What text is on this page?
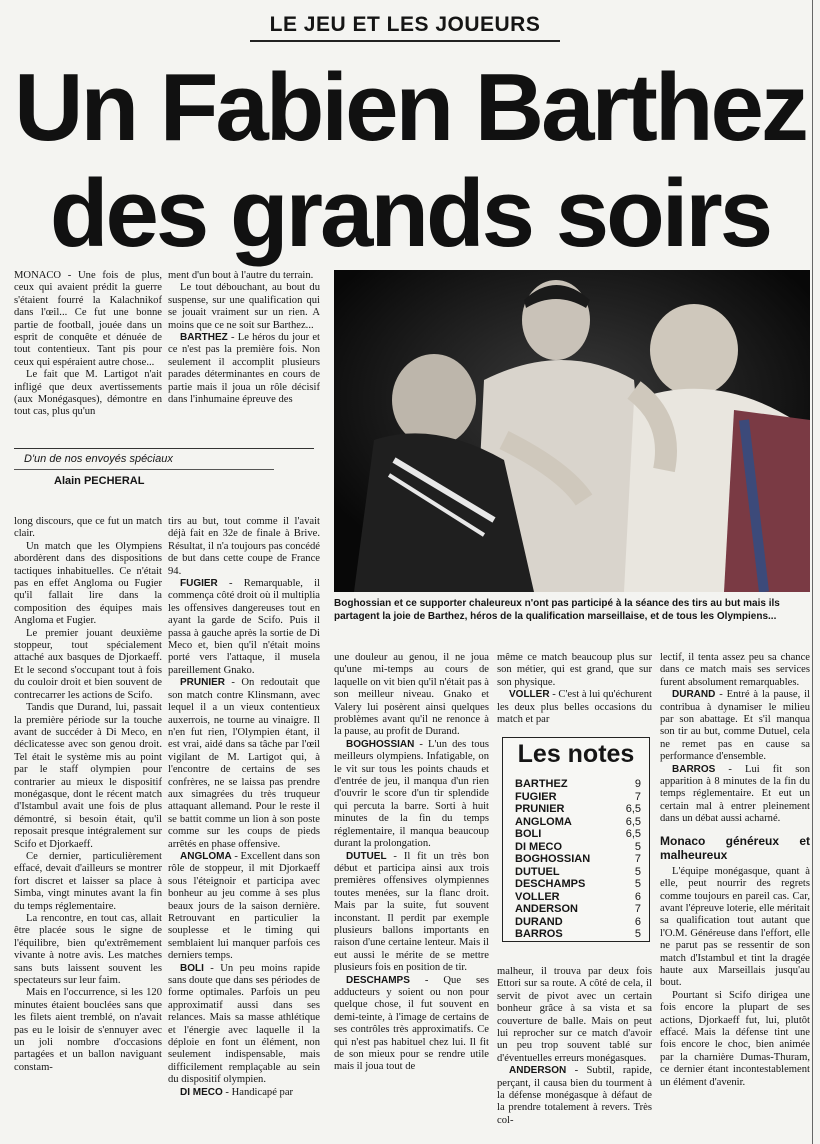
LE JEU ET LES JOUEURS
Un Fabien Barthez
des grands soirs

MONACO - Une fois de plus, ceux qui avaient prédit la guerre s'étaient fourré la Kalachnikof dans l'œil... Ce fut une bonne partie de football, jouée dans un esprit de conquête et dénuée de tout contentieux. Tant pis pour ceux qui espéraient autre chose...

Le fait que M. Lartigot n'ait infligé que deux avertissements (aux Monégasques), démontre en tout cas, plus qu'un

ment d'un bout à l'autre du terrain.

Le tout débouchant, au bout du suspense, sur une qualification qui se jouait vraiment sur un rien. A moins que ce ne soit sur Barthez...

BARTHEZ - Le héros du jour et ce n'est pas la première fois. Non seulement il accomplit plusieurs parades déterminantes en cours de partie mais il joua un rôle décisif dans l'inhumaine épreuve des

D'un de nos envoyés spéciaux
Alain PECHERAL

long discours, que ce fut un match clair.

Un match que les Olympiens abordèrent dans des dispositions tactiques inhabituelles. Ce n'était pas en effet Angloma ou Fugier qu'il fallait lire dans la composition des équipes mais Angloma et Fugier.

Le premier jouant deuxième stoppeur, tout spécialement attaché aux basques de Djorkaeff. Et le second s'occupant tout à fois du couloir droit et bien souvent de contrecarrer les actions de Scifo.

Tandis que Durand, lui, passait la première période sur la touche avant de succéder à Di Meco, en déclicatesse avec son genou droit. Tel était le système mis au point par le staff olympien pour contrarier au mieux le dispositif monégasque, dont le récent match d'Istambul avait une fois de plus démontré, si besoin était, qu'il reposait presque intégralement sur Scifo et Djorkaeff.

Ce dernier, particulièrement effacé, devait d'ailleurs se montrer fort discret et laisser sa place à Simba, vingt minutes avant la fin du temps réglementaire.

La rencontre, en tout cas, allait être placée sous le signe de l'équilibre, bien qu'extrêmement vivante à notre avis. Les matches sans buts laissent souvent les spectateurs sur leur faim.

Mais en l'occurrence, si les 120 minutes étaient bouclées sans que les filets aient tremblé, on n'avait pas eu le loisir de s'ennuyer avec un joli nombre d'occasions partagées et un ballon naviguant constam-

tirs au but, tout comme il l'avait déjà fait en 32e de finale à Brive. Résultat, il n'a toujours pas concédé de but dans cette coupe de France 94.

FUGIER - Remarquable, il commença côté droit où il multiplia les offensives dangereuses tout en ayant la garde de Scifo. Puis il passa à gauche après la sortie de Di Meco et, bien qu'il n'était moins porté vers l'attaque, il musela pareillement Gnako.

PRUNIER - On redoutait que son match contre Klinsmann, avec lequel il a un vieux contentieux auxerrois, ne tourne au vinaigre. Il n'en fut rien, l'Olympien étant, il est vrai, aidé dans sa tâche par l'œil vigilant de M. Lartigot qui, à l'encontre de certains de ses confrères, ne se laissa pas prendre aux simagrées du très truqueur attaquant allemand. Pour le reste il se battit comme un lion à son poste comme sur les coups de pieds arrêtés en phase offensive.

ANGLOMA - Excellent dans son rôle de stoppeur, il mit Djorkaeff sous l'éteignoir et participa avec bonheur au jeu comme à ses plus beaux jours de la saison dernière. Retrouvant en particulier la souplesse et le timing qui semblaient lui manquer parfois ces derniers temps.

BOLI - Un peu moins rapide sans doute que dans ses périodes de forme optimales. Parfois un peu approximatif aussi dans ses relances. Mais sa masse athlétique et l'énergie avec laquelle il la déploie en font un élément, non seulement indispensable, mais difficilement remplaçable au sein du dispositif olympien.

DI MECO - Handicapé par

Boghossian et ce supporter chaleureux n'ont pas participé à la séance des tirs au but mais ils partagent la joie de Barthez, héros de la qualification marseillaise, et de tous les Olympiens...

une douleur au genou, il ne joua qu'une mi-temps au cours de laquelle on vit bien qu'il n'était pas à son meilleur niveau. Gnako et Valery lui posèrent ainsi quelques problèmes avant qu'il ne renonce à la pause, au profit de Durand.

BOGHOSSIAN - L'un des tous meilleurs olympiens. Infatigable, on le vit sur tous les points chauds et d'entrée de jeu, il manqua d'un rien d'ouvrir le score d'un tir splendide qui percuta la barre. Sorti à huit minutes de la fin du temps réglementaire, il manqua beaucoup durant la prolongation.

DUTUEL - Il fit un très bon début et participa ainsi aux trois premières offensives olympiennes toutes menées, sur la flanc droit. Mais par la suite, fut souvent inconstant. Il perdit par exemple plusieurs ballons importants en raison d'une certaine lenteur. Mais il eut aussi le mérite de se mettre plusieurs fois en position de tir.

DESCHAMPS - Que ses adducteurs y soient ou non pour quelque chose, il fut souvent en demi-teinte, à l'image de certains de ses contrôles très approximatifs. Ce qui n'est pas habituel chez lui. Il fit de son mieux pour se rendre utile mais il joua tout de

même ce match beaucoup plus sur son métier, qui est grand, que sur son physique.

VOLLER - C'est à lui qu'échurent les deux plus belles occasions du match et par

Les notes
BARTHEZ	9
FUGIER	7
PRUNIER	6,5
ANGLOMA	6,5
BOLI	6,5
DI MECO	5
BOGHOSSIAN	7
DUTUEL	5
DESCHAMPS	5
VOLLER	6
ANDERSON	7
DURAND	6
BARROS	5

malheur, il trouva par deux fois Ettori sur sa route. A côté de cela, il servit de pivot avec un certain bonheur grâce à sa vista et sa couverture de balle. Mais on peut lui reprocher sur ce match d'avoir un peu trop souvent tablé sur d'éventuelles erreurs monégasques.

ANDERSON - Subtil, rapide, perçant, il causa bien du tourment à la défense monégasque à défaut de la prendre totalement à revers. Très col-

lectif, il tenta assez peu sa chance dans ce match mais ses services furent absolument remarquables.

DURAND - Entré à la pause, il contribua à dynamiser le milieu par son abattage. Et s'il manqua son tir au but, comme Dutuel, cela ne remet pas en cause sa performance d'ensemble.

BARROS - Lui fit son apparition à 8 minutes de la fin du temps réglementaire. Et eut un certain mal à entrer pleinement dans un débat aussi acharné.

Monaco généreux et malheureux

L'équipe monégasque, quant à elle, peut nourrir des regrets comme toujours en pareil cas. Car, avant l'épreuve loterie, elle méritait sa qualification tout autant que l'O.M. Généreuse dans l'effort, elle ne parut pas se ressentir de son match d'Istambul et tint la dragée haute aux Marseillais jusqu'au bout.

Pourtant si Scifo dirigea une fois encore la plupart de ses actions, Djorkaeff fut, lui, plutôt effacé. Mais la défense tint une fois encore le choc, bien animée par la charnière Dumas-Thuram, ce dernier étant incontestablement un élément d'avenir.
